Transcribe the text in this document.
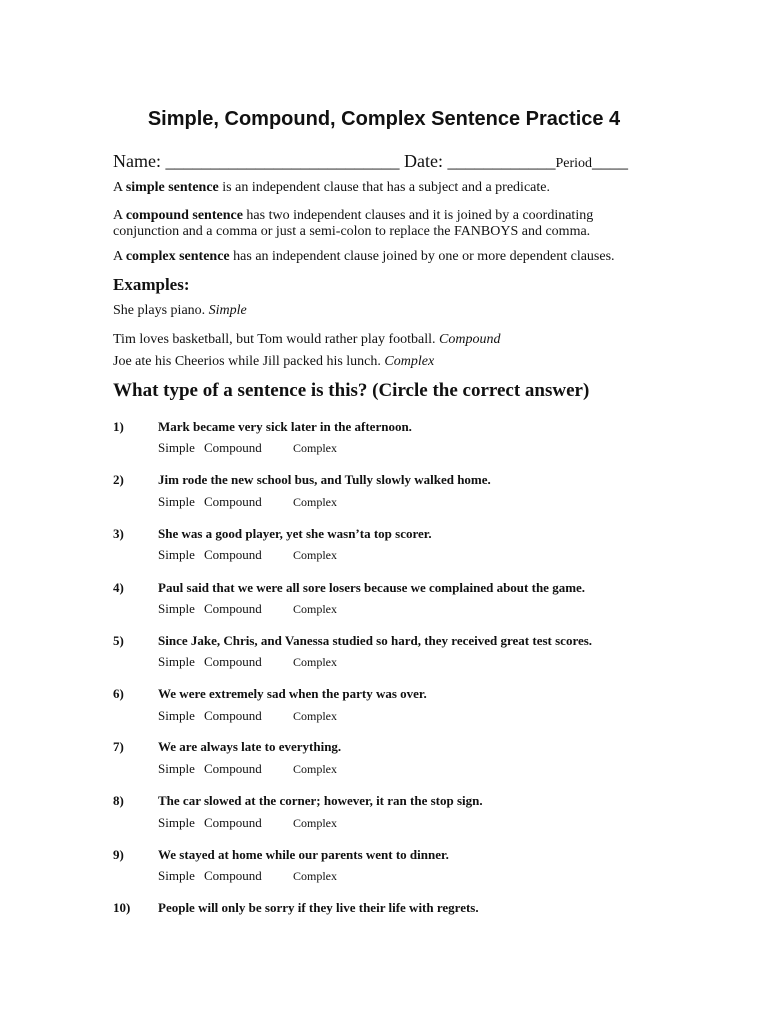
Simple, Compound, Complex Sentence Practice 4
Name: __________________________ Date: ____________Period____
A simple sentence is an independent clause that has a subject and a predicate.
A compound sentence has two independent clauses and it is joined by a coordinating conjunction and a comma or just a semi-colon to replace the FANBOYS and comma.
A complex sentence has an independent clause joined by one or more dependent clauses.
Examples:
She plays piano. Simple
Tim loves basketball, but Tom would rather play football. Compound
Joe ate his Cheerios while Jill packed his lunch. Complex
What type of a sentence is this? (Circle the correct answer)
1)	Mark became very sick later in the afternoon.
Simple Compound	Complex
2)	Jim rode the new school bus, and Tully slowly walked home.
Simple Compound	Complex
3)	She was a good player, yet she wasn’ta top scorer.
Simple Compound	Complex
4)	Paul said that we were all sore losers because we complained about the game.
Simple Compound	Complex
5)	Since Jake, Chris, and Vanessa studied so hard, they received great test scores.
Simple Compound	Complex
6)	We were extremely sad when the party was over.
Simple Compound	Complex
7)	We are always late to everything.
Simple Compound	Complex
8)	The car slowed at the corner; however, it ran the stop sign.
Simple Compound	Complex
9)	We stayed at home while our parents went to dinner.
Simple Compound	Complex
10) People will only be sorry if they live their life with regrets.
